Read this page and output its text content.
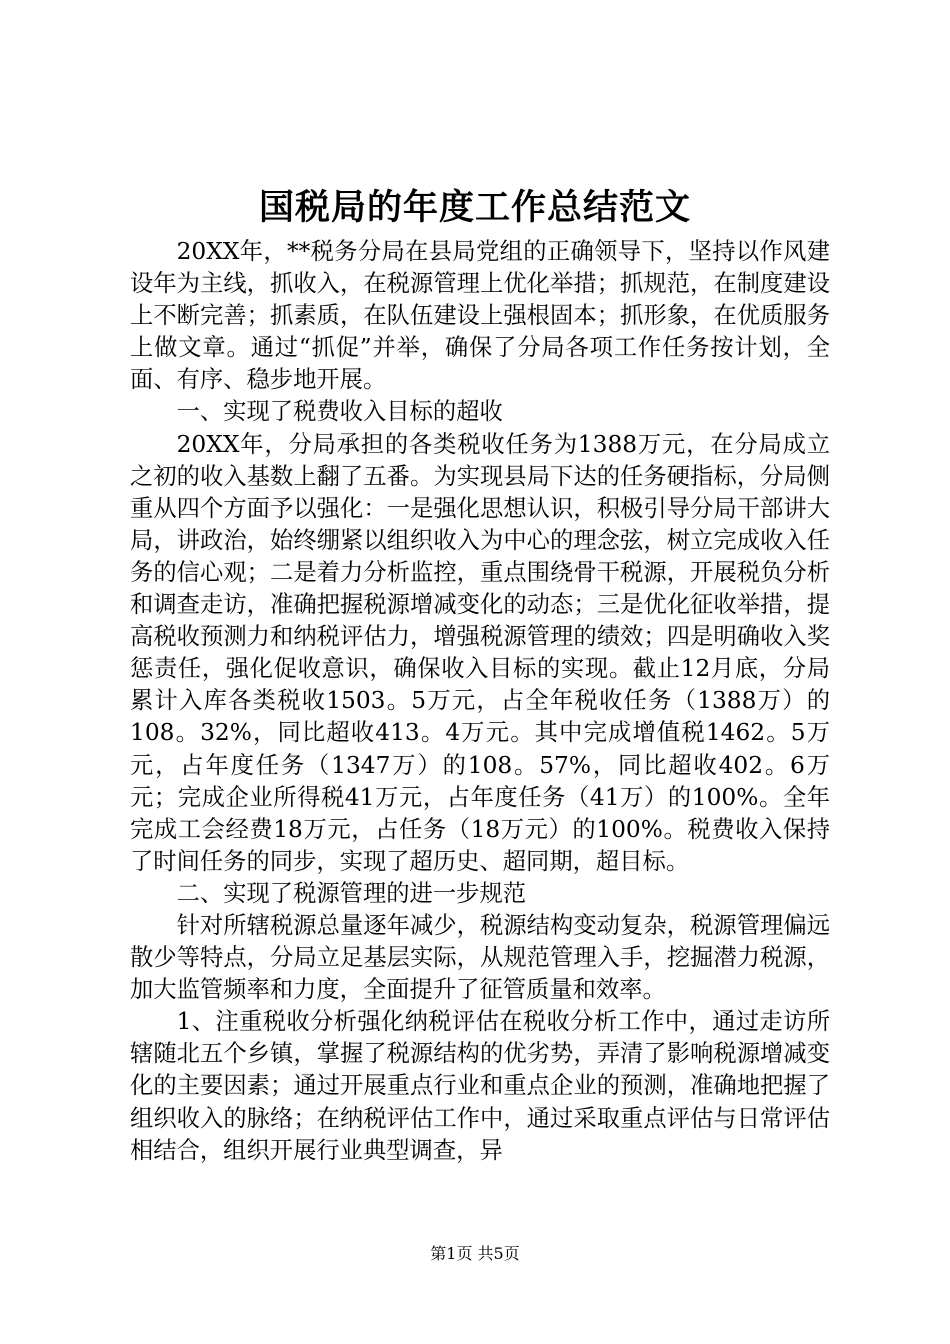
国税局的年度工作总结范文

20XX年，**税务分局在县局党组的正确领导下，坚持以作风建设年为主线，抓收入，在税源管理上优化举措；抓规范，在制度建设上不断完善；抓素质，在队伍建设上强根固本；抓形象，在优质服务上做文章。通过“抓促”并举，确保了分局各项工作任务按计划，全面、有序、稳步地开展。

一、实现了税费收入目标的超收

20XX年，分局承担的各类税收任务为1388万元，在分局成立之初的收入基数上翻了五番。为实现县局下达的任务硬指标，分局侧重从四个方面予以强化：一是强化思想认识，积极引导分局干部讲大局，讲政治，始终绷紧以组织收入为中心的理念弦，树立完成收入任务的信心观；二是着力分析监控，重点围绕骨干税源，开展税负分析和调查走访，准确把握税源增减变化的动态；三是优化征收举措，提高税收预测力和纳税评估力，增强税源管理的绩效；四是明确收入奖惩责任，强化促收意识，确保收入目标的实现。截止12月底，分局累计入库各类税收1503。5万元，占全年税收任务（1388万）的108。32%，同比超收413。4万元。其中完成增值税1462。5万元，占年度任务（1347万）的108。57%，同比超收402。6万元；完成企业所得税41万元，占年度任务（41万）的100%。全年完成工会经费18万元，占任务（18万元）的100%。税费收入保持了时间任务的同步，实现了超历史、超同期，超目标。

二、实现了税源管理的进一步规范

针对所辖税源总量逐年减少，税源结构变动复杂，税源管理偏远散少等特点，分局立足基层实际，从规范管理入手，挖掘潜力税源，加大监管频率和力度，全面提升了征管质量和效率。

1、注重税收分析强化纳税评估在税收分析工作中，通过走访所辖随北五个乡镇，掌握了税源结构的优劣势，弄清了影响税源增减变化的主要因素；通过开展重点行业和重点企业的预测，准确地把握了组织收入的脉络；在纳税评估工作中，通过采取重点评估与日常评估相结合，组织开展行业典型调查，异

第1页 共5页
